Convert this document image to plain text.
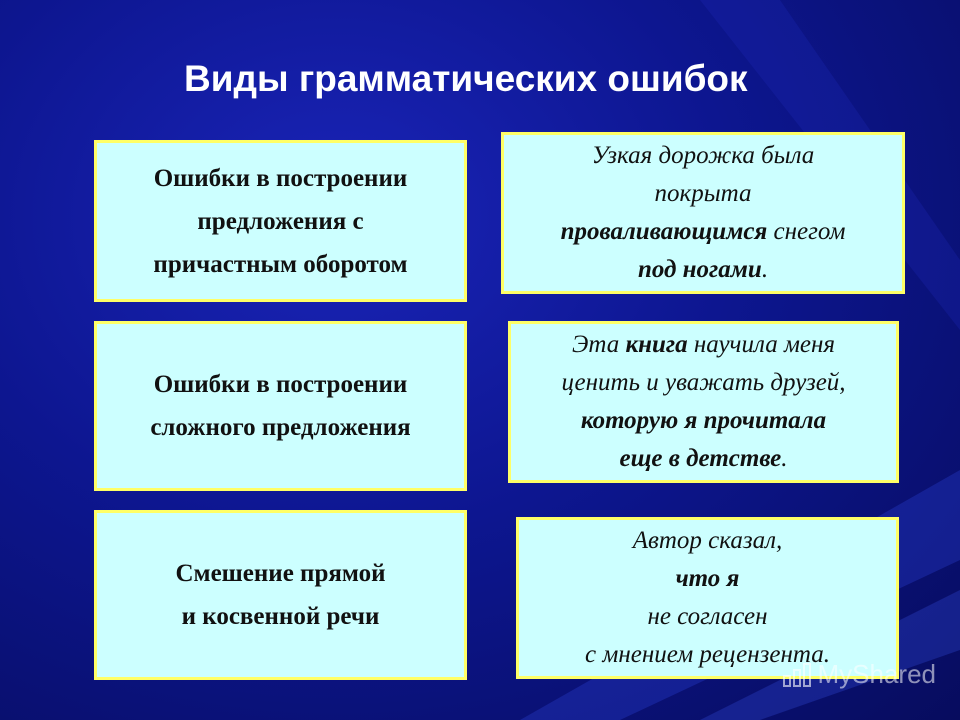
Виды грамматических ошибок
Ошибки в построении
предложения с
причастным оборотом
Узкая дорожка была
покрыта
проваливающимся снегом
под ногами.
Ошибки в построении
сложного предложения
Эта книга научила меня
ценить и уважать друзей,
которую я прочитала
еще в детстве.
Смешение прямой
и косвенной речи
Автор сказал,
что я
не согласен
с мнением рецензента.
MyShared
